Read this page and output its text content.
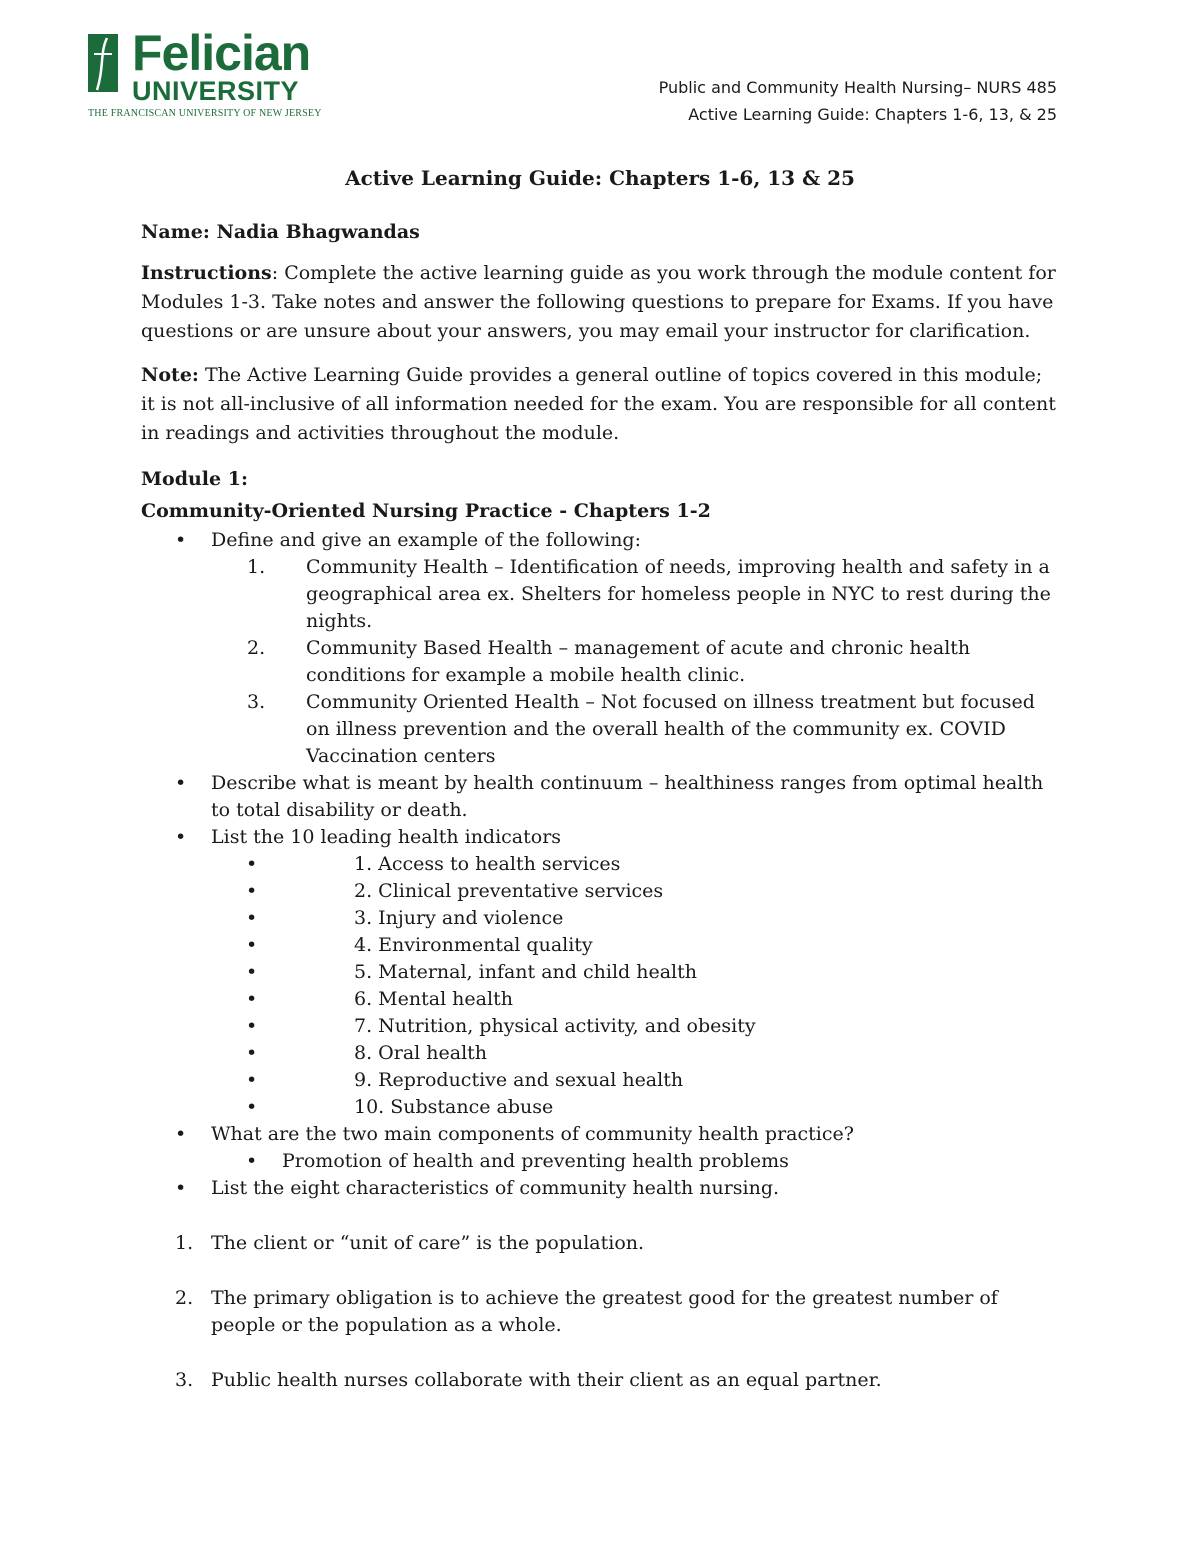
Felician
UNIVERSITY
THE FRANCISCAN UNIVERSITY OF NEW JERSEY
Public and Community Health Nursing– NURS 485
Active Learning Guide: Chapters 1-6, 13, & 25
Active Learning Guide: Chapters 1-6, 13 & 25

Name: Nadia Bhagwandas

Instructions: Complete the active learning guide as you work through the module content for Modules 1-3. Take notes and answer the following questions to prepare for Exams. If you have questions or are unsure about your answers, you may email your instructor for clarification.

Note: The Active Learning Guide provides a general outline of topics covered in this module; it is not all-inclusive of all information needed for the exam. You are responsible for all content in readings and activities throughout the module.

Module 1:

Community-Oriented Nursing Practice - Chapters 1-2

• Define and give an example of the following:
1. Community Health – Identification of needs, improving health and safety in a geographical area ex. Shelters for homeless people in NYC to rest during the nights.
2. Community Based Health – management of acute and chronic health conditions for example a mobile health clinic.
3. Community Oriented Health – Not focused on illness treatment but focused on illness prevention and the overall health of the community ex. COVID Vaccination centers
• Describe what is meant by health continuum – healthiness ranges from optimal health to total disability or death.
• List the 10 leading health indicators
• 1. Access to health services
• 2. Clinical preventative services
• 3. Injury and violence
• 4. Environmental quality
• 5. Maternal, infant and child health
• 6. Mental health
• 7. Nutrition, physical activity, and obesity
• 8. Oral health
• 9. Reproductive and sexual health
• 10. Substance abuse
• What are the two main components of community health practice?
• Promotion of health and preventing health problems
• List the eight characteristics of community health nursing.
1. The client or “unit of care” is the population.
2. The primary obligation is to achieve the greatest good for the greatest number of people or the population as a whole.
3. Public health nurses collaborate with their client as an equal partner.
